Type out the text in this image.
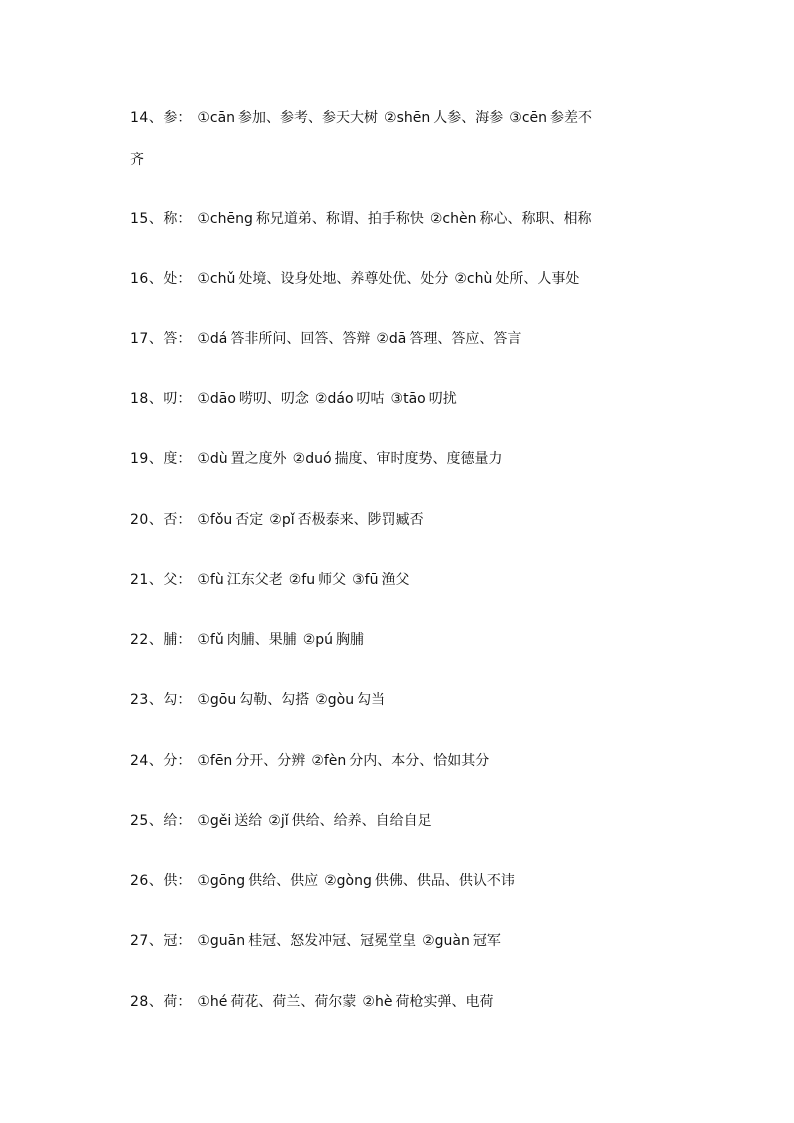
14、参： ①cān 参加、参考、参天大树 ②shēn 人参、海参 ③cēn 参差不
齐
15、称： ①chēng 称兄道弟、称谓、拍手称快 ②chèn 称心、称职、相称
16、处： ①chǔ 处境、设身处地、养尊处优、处分 ②chù 处所、人事处
17、答： ①dá 答非所问、回答、答辩 ②dā 答理、答应、答言
18、叨： ①dāo 唠叨、叨念 ②dáo 叨咕 ③tāo 叨扰
19、度： ①dù 置之度外 ②duó 揣度、审时度势、度德量力
20、否： ①fǒu 否定 ②pǐ 否极泰来、陟罚臧否
21、父： ①fù 江东父老 ②fu 师父 ③fū 渔父
22、脯： ①fǔ 肉脯、果脯 ②pú 胸脯
23、勾： ①gōu 勾勒、勾搭 ②gòu 勾当
24、分： ①fēn 分开、分辨 ②fèn 分内、本分、恰如其分
25、给： ①gěi 送给 ②jǐ 供给、给养、自给自足
26、供： ①gōng 供给、供应 ②gòng 供佛、供品、供认不讳
27、冠： ①guān 桂冠、怒发冲冠、冠冕堂皇 ②guàn 冠军
28、荷： ①hé 荷花、荷兰、荷尔蒙 ②hè 荷枪实弹、电荷
